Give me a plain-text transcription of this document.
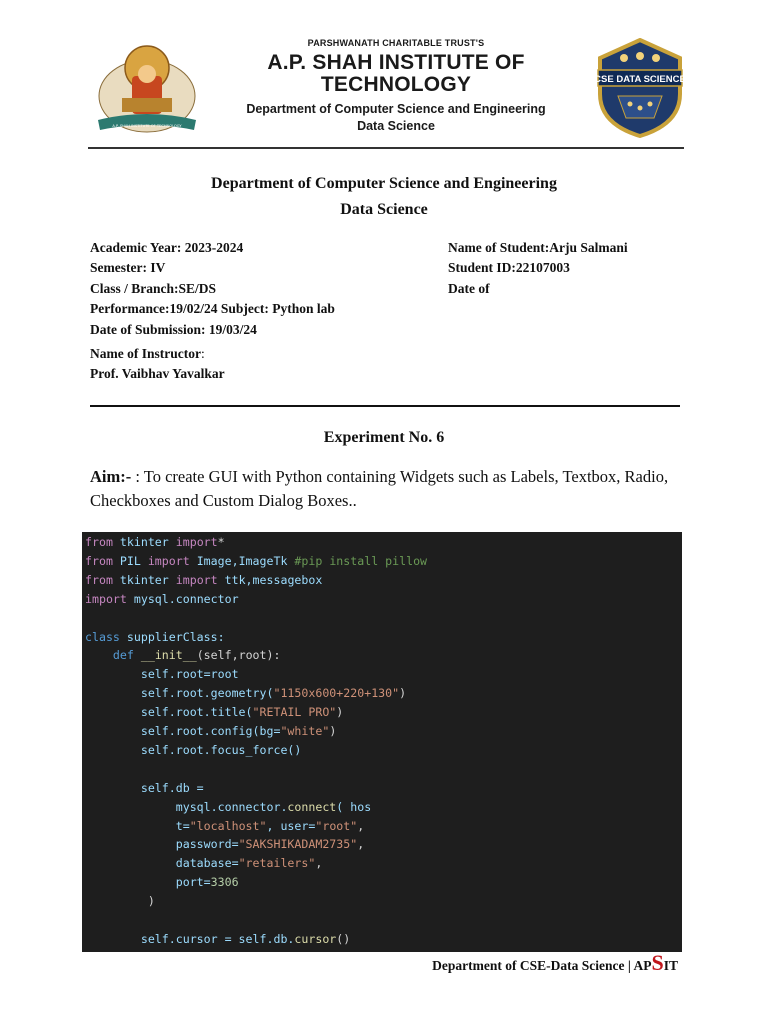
A.P. SHAH INSTITUTE OF TECHNOLOGY
PARSHWANATH CHARITABLE TRUST'S
A.P. SHAH INSTITUTE OF TECHNOLOGY
Department of Computer Science and Engineering
Data Science
CSE DATA SCIENCE
Department of Computer Science and Engineering
Data Science
Academic Year: 2023-2024
Semester: IV
Class / Branch:SE/DS
Performance:19/02/24 Subject: Python lab
Date of Submission: 19/03/24
Name of Student:Arju Salmani
Student ID:22107003
Date of
Name of Instructor:
Prof. Vaibhav Yavalkar
Experiment No. 6
Aim:- : To create GUI with Python containing Widgets such as Labels, Textbox, Radio, Checkboxes and Custom Dialog Boxes..
from tkinter import*
from PIL import Image,ImageTk #pip install pillow
from tkinter import ttk,messagebox
import mysql.connector
class supplierClass:
def __init__(self,root):
self.root=root
self.root.geometry("1150x600+220+130")
self.root.title("RETAIL PRO")
self.root.config(bg="white")
self.root.focus_force()
self.db =
mysql.connector.connect( hos
t="localhost", user="root",
password="SAKSHIKADAM2735",
database="retailers",
port=3306
)
self.cursor = self.db.cursor()
Department of CSE-Data Science | APSIT
